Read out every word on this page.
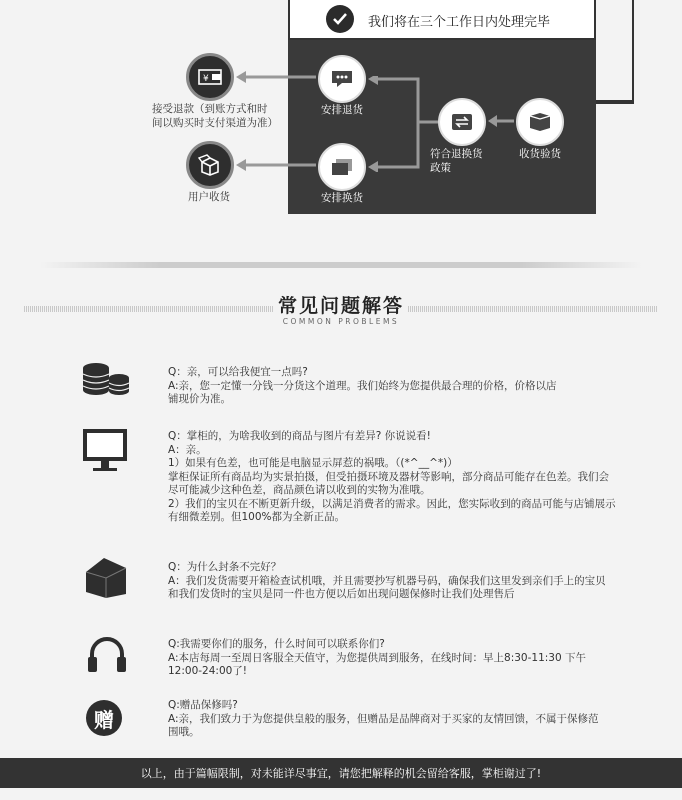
我们将在三个工作日内处理完毕
安排退货
¥
接受退款（到账方式和时
间以购买时支付渠道为准）
安排换货
用户收货
符合退换货
政策
收货验货
常见问题解答
COMMON PROBLEMS
Q：亲，可以给我便宜一点吗?
A:亲，您一定懂一分钱一分货这个道理。我们始终为您提供最合理的价格，价格以店
铺现价为准。
Q：掌柜的，为啥我收到的商品与图片有差异? 你说说看!
A：亲。
1）如果有色差，也可能是电脑显示屏惹的祸哦。（(*^__^*)）
掌柜保证所有商品均为实景拍摄，但受拍摄环境及器材等影响，部分商品可能存在色差。我们会
尽可能减少这种色差，商品颜色请以收到的实物为准哦。
2）我们的宝贝在不断更新升级，以满足消费者的需求。因此，您实际收到的商品可能与店铺展示
有细微差别。但100%都为全新正品。
Q：为什么封条不完好？
A：我们发货需要开箱检查试机哦，并且需要抄写机器号码，确保我们这里发到亲们手上的宝贝
和我们发货时的宝贝是同一件也方便以后如出现问题保修时让我们处理售后
Q:我需要你们的服务，什么时间可以联系你们?
A:本店每周一至周日客服全天值守，为您提供周到服务，在线时间：早上8:30-11:30 下午
12:00-24:00了!
赠
Q:赠品保修吗?
A:亲，我们致力于为您提供皇般的服务，但赠品是品牌商对于买家的友情回馈，不属于保修范
围哦。
以上，由于篇幅限制，对未能详尽事宜，请您把解释的机会留给客服，掌柜谢过了!
